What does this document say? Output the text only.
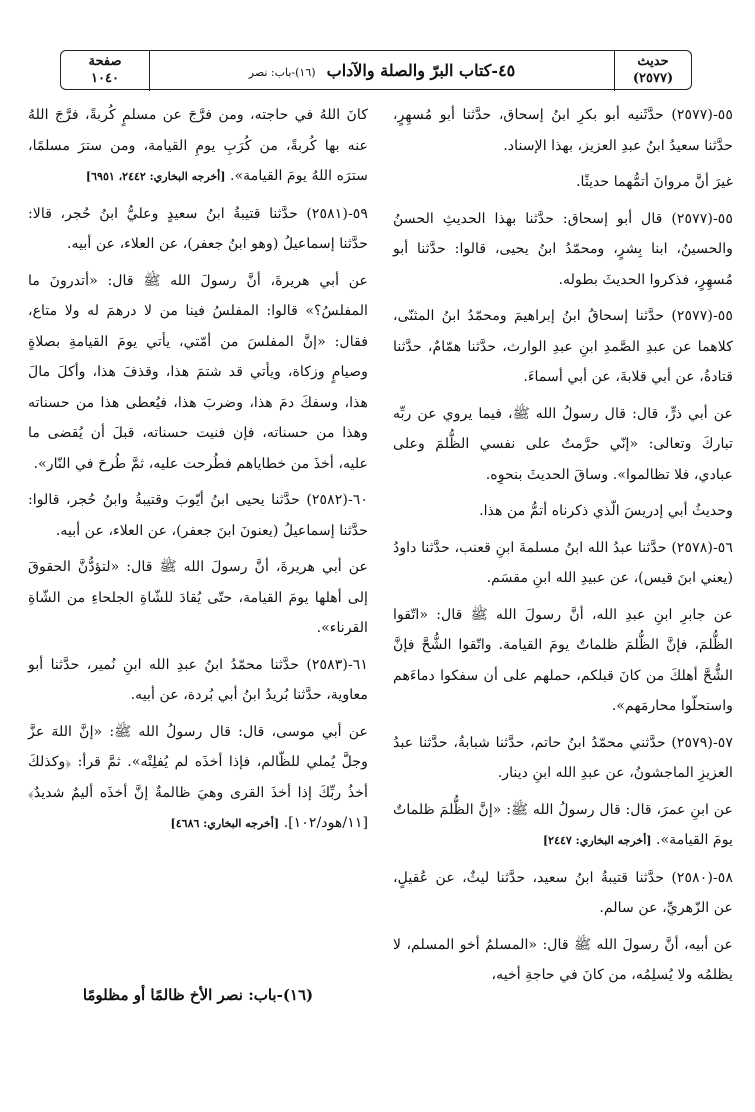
حديث
(٢٥٧٧)
٤٥-كتاب البرّ والصلة والآداب (١٦)-باب: نصر
صفحة
١٠٤٠

٥٥-(٢٥٧٧) حدَّثَنيه أبو بكرِ ابنُ إسحاق، حدَّثنا أبو مُسهِرٍ، حدَّثنا سعيدُ ابنُ عبدِ العزيز، بهذا الإسناد.

غيرَ أنَّ مروانَ أتمُّهما حديثًا.

٥٥-(٢٥٧٧) قال أبو إسحاق: حدَّثنا بهذا الحديثِ الحسنُ والحسينُ، ابنا بِشرٍ، ومحمّدُ ابنُ يحيى، قالوا: حدَّثنا أبو مُسهِرٍ، فذكروا الحديثَ بطوله.

٥٥-(٢٥٧٧) حدَّثنا إسحاقُ ابنُ إبراهيمَ ومحمّدُ ابنُ المثنّى، كلاهما عن عبدِ الصَّمدِ ابنِ عبدِ الوارث، حدَّثنا همّامٌ، حدَّثنا قتادةُ، عن أبي قلابةَ، عن أبي أسماءَ.

عن أبي ذرٍّ، قال: قال رسولُ الله ﷺ، فيما يروي عن ربِّه تباركَ وتعالى: «إنّي حرَّمتُ على نفسي الظُّلمَ وعلى عبادي، فلا تظالموا». وساقَ الحديثَ بنحوِه.

وحديثُ أبي إدريسَ الّذي ذكرناه أتمُّ من هذا.

٥٦-(٢٥٧٨) حدَّثنا عبدُ الله ابنُ مسلمةَ ابنِ قعنب، حدَّثنا داودُ (يعني ابنَ قيس)، عن عبيدِ الله ابنِ مقسَم.

عن جابرِ ابنِ عبدِ الله، أنَّ رسولَ الله ﷺ قال: «اتّقوا الظُّلمَ، فإنَّ الظُّلمَ ظلماتٌ يومَ القيامة. واتّقوا الشُّحَّ فإنَّ الشُّحَّ أهلكَ من كانَ قبلكم، حملهم على أن سفكوا دماءَهم واستحلّوا محارمَهم».

٥٧-(٢٥٧٩) حدَّثني محمّدُ ابنُ حاتم، حدَّثنا شبابةُ، حدَّثنا عبدُ العزيزِ الماجشونُ، عن عبدِ الله ابنِ دينار.

عن ابنِ عمرَ، قال: قال رسولُ الله ﷺ: «إنَّ الظُّلمَ ظلماتٌ يومَ القيامة». [أخرجه البخاري: ٢٤٤٧]

٥٨-(٢٥٨٠) حدَّثنا قتيبةُ ابنُ سعيد، حدَّثنا ليثٌ، عن عُقيلٍ، عن الزّهريِّ، عن سالم.

عن أبيه، أنَّ رسولَ الله ﷺ قال: «المسلمُ أخو المسلم، لا يظلمُه ولا يُسلِمُه، من كانَ في حاجةِ أخيه،

كانَ اللهُ في حاجته، ومن فرَّجَ عن مسلمٍ كُربةً، فرَّجَ اللهُ عنه بها كُربةً، من كُرَبِ يومِ القيامة، ومن سترَ مسلمًا، سترَه اللهُ يومَ القيامة». [أخرجه البخاري: ٢٤٤٢، ٦٩٥١]

٥٩-(٢٥٨١) حدَّثنا قتيبةُ ابنُ سعيدٍ وعليُّ ابنُ حُجر، قالا: حدَّثنا إسماعيلُ (وهو ابنُ جعفر)، عن العلاء، عن أبيه.

عن أبي هريرةَ، أنَّ رسولَ الله ﷺ قال: «أتدرونَ ما المفلسُ؟» قالوا: المفلسُ فينا من لا درهمَ له ولا متاع، فقال: «إنَّ المفلسَ من أمّتي، يأتي يومَ القيامةِ بصلاةٍ وصيامٍ وزكاة، ويأتي قد شتمَ هذا، وقذفَ هذا، وأكلَ مالَ هذا، وسفكَ دمَ هذا، وضربَ هذا، فيُعطى هذا من حسناته وهذا من حسناته، فإن فنيت حسناته، قبلَ أن يُقضى ما عليه، أخذَ من خطاياهم فطُرحت عليه، ثمَّ طُرحَ في النّار».

٦٠-(٢٥٨٢) حدَّثنا يحيى ابنُ أيّوبَ وقتيبةُ وابنُ حُجر، قالوا: حدَّثنا إسماعيلُ (يعنونَ ابنَ جعفر)، عن العلاء، عن أبيه.

عن أبي هريرةَ، أنَّ رسولَ الله ﷺ قال: «لتؤدُّنَّ الحقوقَ إلى أهلها يومَ القيامة، حتّى يُقادَ للشّاةِ الجلحاءِ من الشّاةِ القرناء».

٦١-(٢٥٨٣) حدَّثنا محمّدُ ابنُ عبدِ الله ابنِ نُمير، حدَّثنا أبو معاوية، حدَّثنا بُريدُ ابنُ أبي بُردة، عن أبيه.

عن أبي موسى، قال: قال رسولُ الله ﷺ: «إنَّ اللهَ عزَّ وجلَّ يُملي للظّالم، فإذا أخذَه لم يُفلِتْه». ثمَّ قرأ: ﴿وكذلكَ أخذُ ربِّكَ إذا أخذَ القرى وهيَ ظالمةٌ إنَّ أخذَه أليمٌ شديدٌ﴾ [١١/هود/١٠٢]. [أخرجه البخاري: ٤٦٨٦]

(١٦)-باب: نصر الأخ ظالمًا أو مظلومًا
